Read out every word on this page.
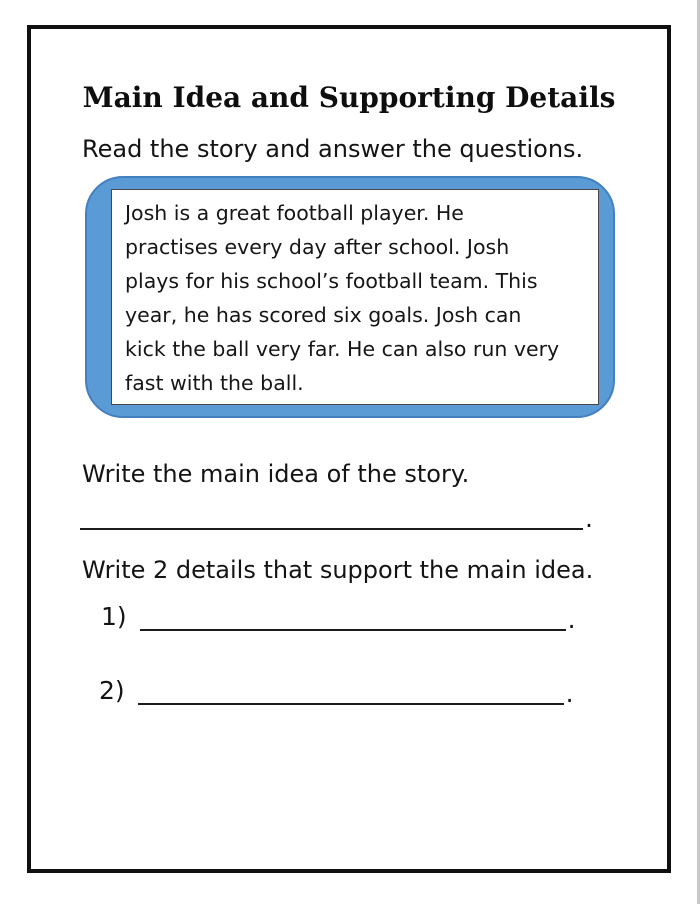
Main Idea and Supporting Details
Read the story and answer the questions.
Josh is a great football player. He
practises every day after school. Josh
plays for his school’s football team. This
year, he has scored six goals. Josh can
kick the ball very far. He can also run very
fast with the ball.
Write the main idea of the story.
.
Write 2 details that support the main idea.
1)	.
2)	.
